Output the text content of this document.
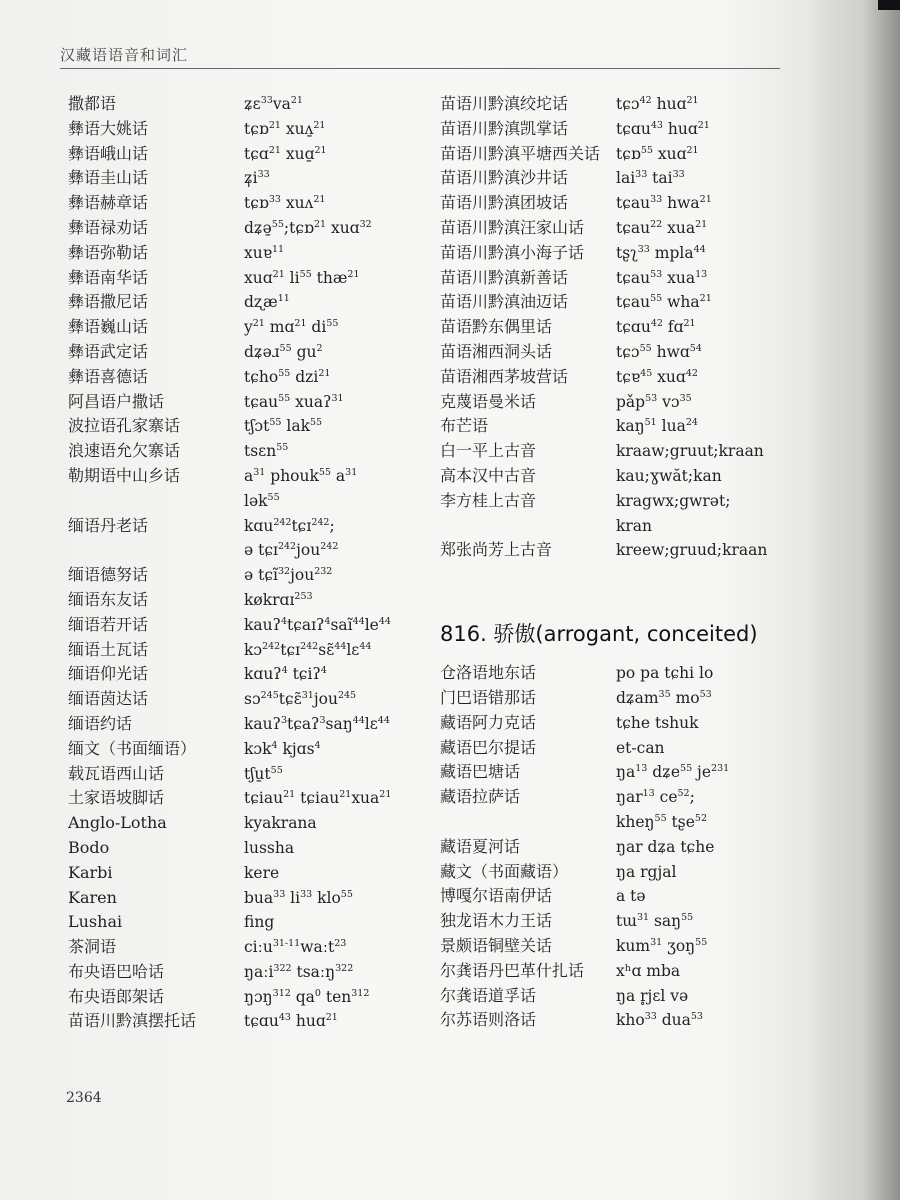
汉藏语语音和词汇
撒都语	$ʑɛ^{33}va^{21}$
彝语大姚话	tɕɒ$^{21}$ xuʌ̱$^{21}$
彝语峨山话	tɕɑ$^{21}$ xuɑ̱$^{21}$
彝语圭山话	$ʑ̩i^{33}$
彝语赫章话	tɕɒ$^{33}$ xuʌ$^{21}$
彝语禄劝话	dʑə̱$^{55}$;tɕɒ$^{21}$ xuɑ$^{32}$
彝语弥勒话	xuɐ$^{11}$
彝语南华话	xuɑ$^{21}$ $li^{55}$ thæ$^{21}$
彝语撒尼话	dʐæ$^{11}$
彝语巍山话	$y^{21}$ mɑ$^{21}$ $di^{55}$
彝语武定话	dʑəɹ$^{55}$ $gu^2$
彝语喜德话	tɕho$^{55}$ dzi$^{21}$
阿昌语户撒话	tɕau$^{55}$ xuaʔ$^{31}$
波拉语孔家寨话	tʃɔt$^{55}$ lak$^{55}$
浪速语允欠寨话	tsɛn$^{55}$
勒期语中山乡话	$a^{31}$ phouk$^{55}$ $a^{31}$
lək$^{55}$
缅语丹老话	kɑu$^{242}$tɕɪ$^{242}$;
ə tɕɪ$^{242}$jou$^{242}$
缅语德努话	ə tɕĩ$^{32}$jou$^{232}$
缅语东友话	køkrɑɪ$^{253}$
缅语若开话	$kauʔ^4tɕaɪʔ^4saĩ^{44}le^{44}$
缅语土瓦话	kɔ$^{242}$tɕɪ$^{242}$sɛ̃$^{44}$lɛ$^{44}$
缅语仰光话	kɑuʔ$^4$ tɕiʔ$^4$
缅语茵达话	sɔ$^{245}$tɕɛ̃$^{31}$jou$^{245}$
缅语约话	kauʔ$^3$tɕaʔ$^3$saŋ$^{44}$lɛ$^{44}$
缅文（书面缅语）	kɔk$^4$ kjɑs$^4$
载瓦语西山话	$tʃu̱t^{55}$
土家语坡脚话	tɕiau$^{21}$ tɕiau$^{21}$xua$^{21}$
Anglo-Lotha	kyakrana
Bodo	lussha
Karbi	kere
Karen	bua$^{33}$ $li^{33}$ klo$^{55}$
Lushai	fing
茶洞语	ciːu$^{31-11}$waːt$^{23}$
布央语巴哈话	ŋaːi$^{322}$ tsaːŋ$^{322}$
布央语郎架话	ŋɔŋ$^{312}$ $qa^0$ ten$^{312}$
苗语川黔滇摆托话	tɕɑu$^{43}$ huɑ$^{21}$
苗语川黔滇绞坨话	tɕɔ$^{42}$ huɑ$^{21}$
苗语川黔滇凯掌话	tɕɑu$^{43}$ huɑ$^{21}$
苗语川黔滇平塘西关话	tɕɒ$^{55}$ xuɑ$^{21}$
苗语川黔滇沙井话	lai$^{33}$ tai$^{33}$
苗语川黔滇团坡话	tɕau$^{33}$ hwa$^{21}$
苗语川黔滇汪家山话	tɕau$^{22}$ xua$^{21}$
苗语川黔滇小海子话	tʂʅ$^{33}$ mpla$^{44}$
苗语川黔滇新善话	tɕau$^{53}$ xua$^{13}$
苗语川黔滇油迈话	tɕau$^{55}$ wha$^{21}$
苗语黔东偶里话	tɕɑu$^{42}$ fɑ$^{21}$
苗语湘西洞头话	tɕɔ$^{55}$ hwɑ$^{54}$
苗语湘西茅坡营话	tɕɐ$^{45}$ xuɑ$^{42}$
克蔑语曼米话	pǎp$^{53}$ vɔ$^{35}$
布芒语	kaŋ$^{51}$ lua$^{24}$
白一平上古音	kraaw;gruut;kraan
高本汉中古音	kau;ɣwăt;kan
李方桂上古音	kragwx;gwrət;
kran
郑张尚芳上古音	kreew;gruud;kraan
816. 骄傲(arrogant, conceited)
仓洛语地东话	po pa tɕhi lo
门巴语错那话	dʑam$^{35}$ $mo^{53}$
藏语阿力克话	tɕhe tshuk
藏语巴尔提话	et-can
藏语巴塘话	$ŋa^{13}$ dʑe$^{55}$ $je^{231}$
藏语拉萨话	ŋar$^{13}$ $ce^{52}$;
kheŋ$^{55}$ tʂe$^{52}$
藏语夏河话	ŋar dʑa tɕhe
藏文（书面藏语）	ŋa rgjal
博嘎尔语南伊话	a tə
独龙语木力王话	tɯ$^{31}$ saŋ$^{55}$
景颇语铜壁关话	kum$^{31}$ ʒoŋ$^{55}$
尔龚语丹巴革什扎话	xʰɑ mba
尔龚语道孚话	ŋa r̥jɛl və
尔苏语则洛话	kho$^{33}$ dua$^{53}$
2364
